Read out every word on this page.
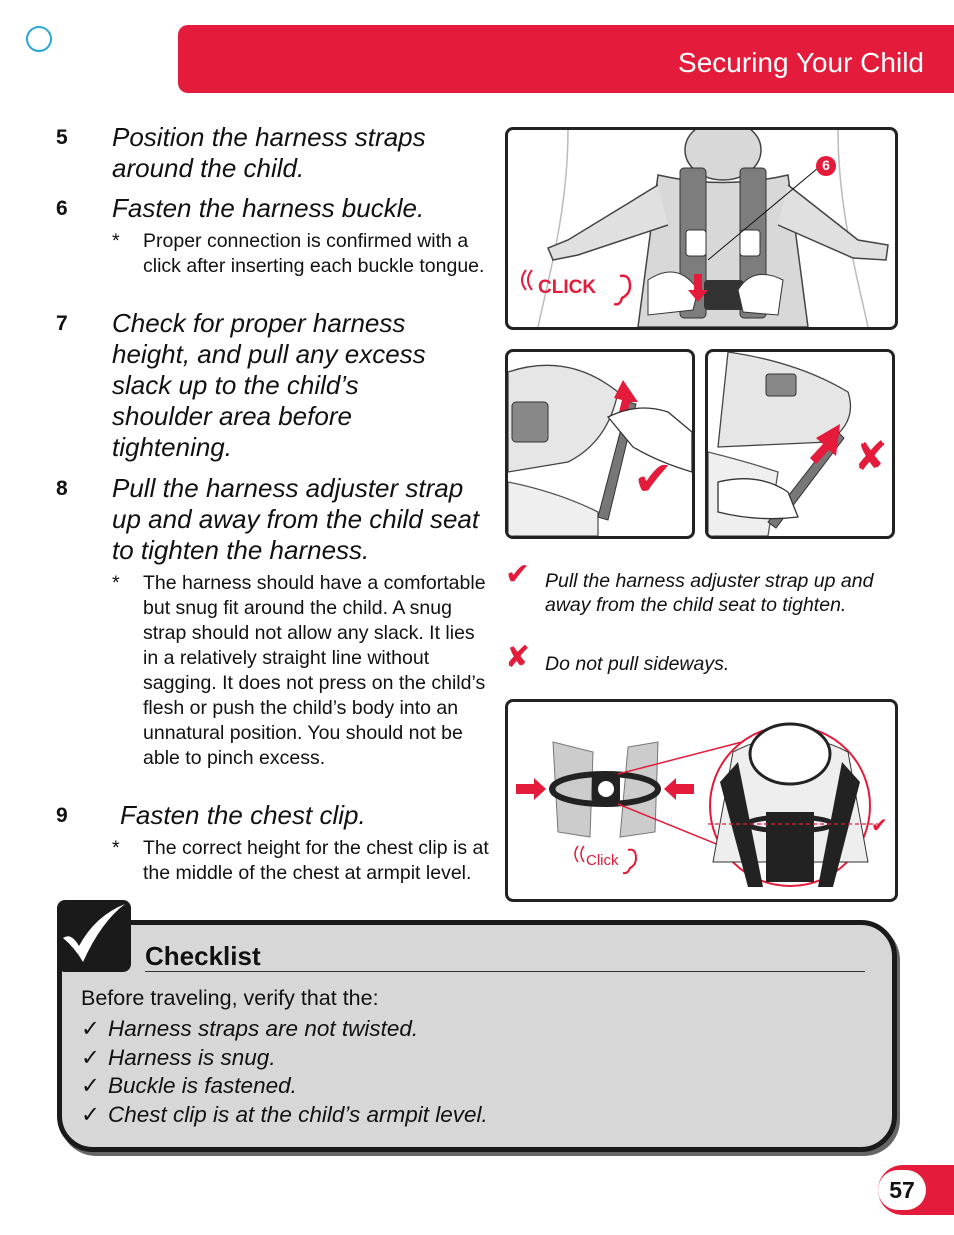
Securing Your Child
5 Position the harness straps around the child.
6 Fasten the harness buckle.
* Proper connection is confirmed with a click after inserting each buckle tongue.
7 Check for proper harness height, and pull any excess slack up to the child’s shoulder area before tightening.
8 Pull the harness adjuster strap up and away from the child seat to tighten the harness.
* The harness should have a comfortable but snug fit around the child. A snug strap should not allow any slack. It lies in a relatively straight line without sagging. It does not press on the child’s flesh or push the child’s body into an unnatural position. You should not be able to pinch excess.
9 Fasten the chest clip.
* The correct height for the chest clip is at the middle of the chest at armpit level.
6
CLICK
✔	✘
✔ Pull the harness adjuster strap up and away from the child seat to tighten.
✘ Do not pull sideways.
✔
Click
Checklist
Before traveling, verify that the:
✓ Harness straps are not twisted.
✓ Harness is snug.
✓ Buckle is fastened.
✓ Chest clip is at the child’s armpit level.
57
